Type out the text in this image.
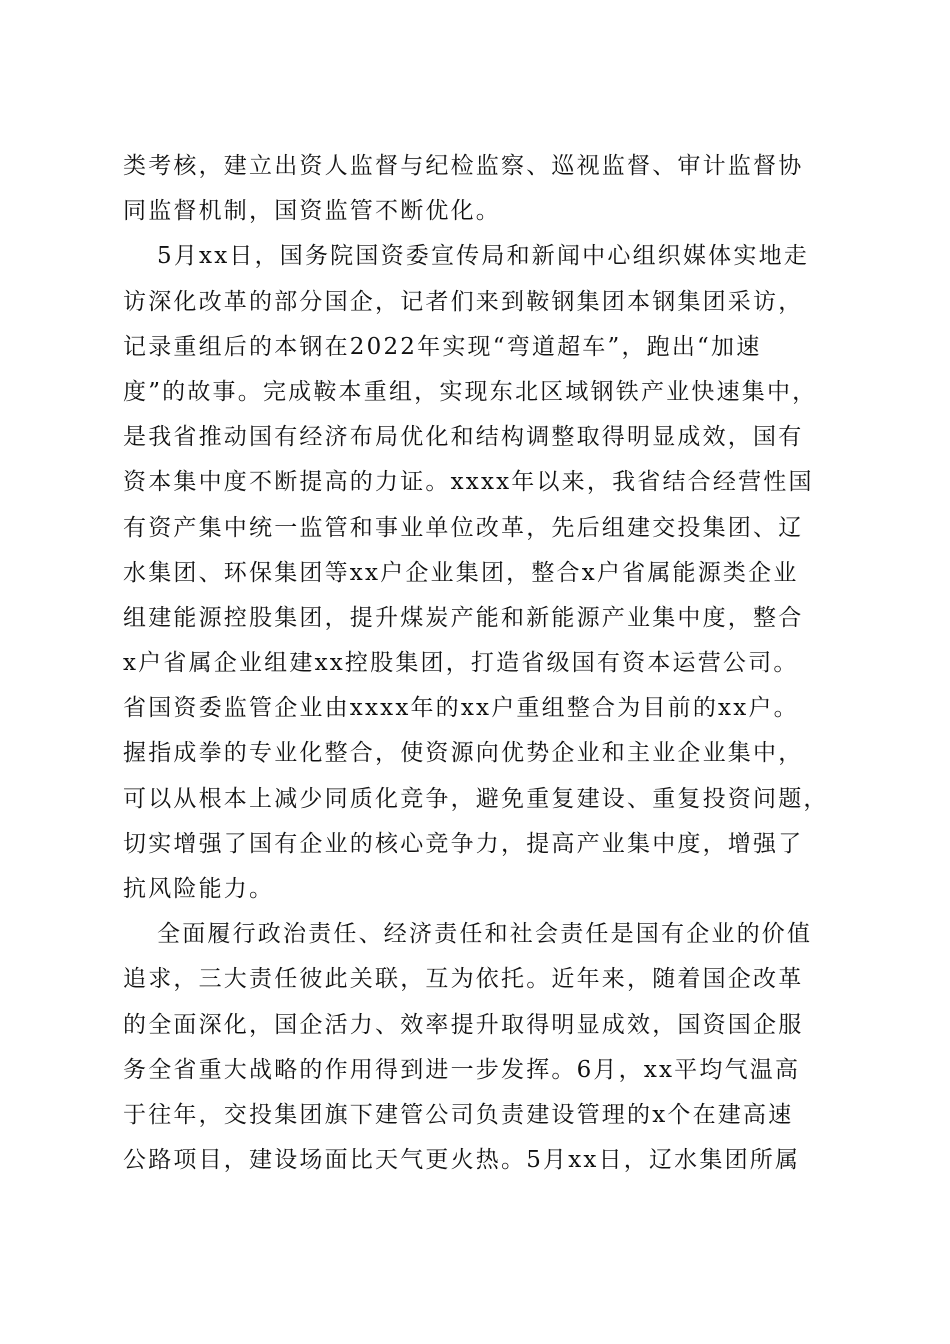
类考核，建立出资人监督与纪检监察、巡视监督、审计监督协
同监督机制，国资监管不断优化。
5月xx日，国务院国资委宣传局和新闻中心组织媒体实地走
访深化改革的部分国企，记者们来到鞍钢集团本钢集团采访，
记录重组后的本钢在2022年实现“弯道超车”，跑出“加速
度”的故事。完成鞍本重组，实现东北区域钢铁产业快速集中，
是我省推动国有经济布局优化和结构调整取得明显成效，国有
资本集中度不断提高的力证。xxxx年以来，我省结合经营性国
有资产集中统一监管和事业单位改革，先后组建交投集团、辽
水集团、环保集团等xx户企业集团，整合x户省属能源类企业
组建能源控股集团，提升煤炭产能和新能源产业集中度，整合
x户省属企业组建xx控股集团，打造省级国有资本运营公司。
省国资委监管企业由xxxx年的xx户重组整合为目前的xx户。
握指成拳的专业化整合，使资源向优势企业和主业企业集中，
可以从根本上减少同质化竞争，避免重复建设、重复投资问题，
切实增强了国有企业的核心竞争力，提高产业集中度，增强了
抗风险能力。
全面履行政治责任、经济责任和社会责任是国有企业的价值
追求，三大责任彼此关联，互为依托。近年来，随着国企改革
的全面深化，国企活力、效率提升取得明显成效，国资国企服
务全省重大战略的作用得到进一步发挥。6月，xx平均气温高
于往年，交投集团旗下建管公司负责建设管理的x个在建高速
公路项目，建设场面比天气更火热。5月xx日，辽水集团所属
